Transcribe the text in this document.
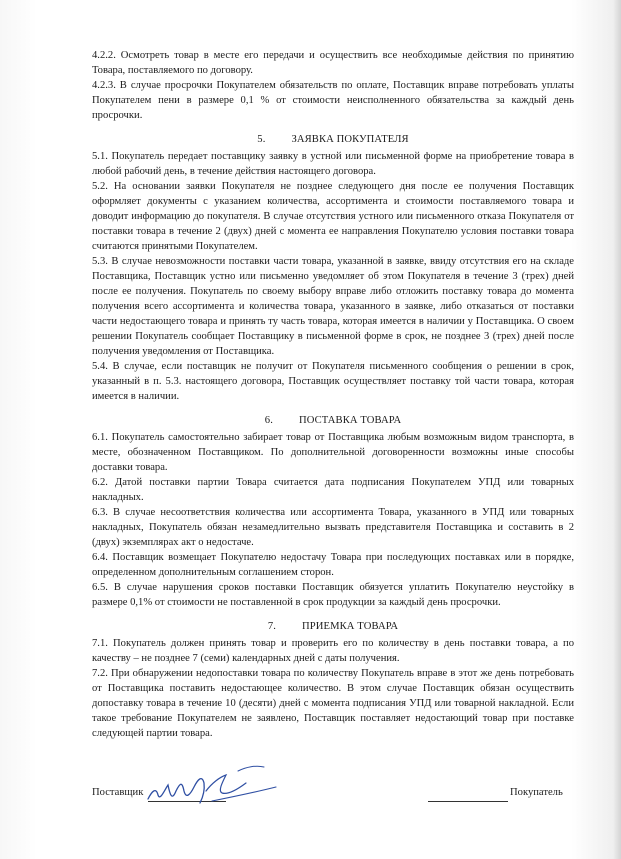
4.2.2. Осмотреть товар в месте его передачи и осуществить все необходимые действия по принятию Товара, поставляемого по договору.

4.2.3. В случае просрочки Покупателем обязательств по оплате, Поставщик вправе потребовать уплаты Покупателем пени в размере 0,1 % от стоимости неисполненного обязательства за каждый день просрочки.

5. ЗАЯВКА ПОКУПАТЕЛЯ

5.1. Покупатель передает поставщику заявку в устной или письменной форме на приобретение товара в любой рабочий день, в течение действия настоящего договора.

5.2. На основании заявки Покупателя не позднее следующего дня после ее получения Поставщик оформляет документы с указанием количества, ассортимента и стоимости поставляемого товара и доводит информацию до покупателя. В случае отсутствия устного или письменного отказа Покупателя от поставки товара в течение 2 (двух) дней с момента ее направления Покупателю условия поставки товара считаются принятыми Покупателем.

5.3. В случае невозможности поставки части товара, указанной в заявке, ввиду отсутствия его на складе Поставщика, Поставщик устно или письменно уведомляет об этом Покупателя в течение 3 (трех) дней после ее получения. Покупатель по своему выбору вправе либо отложить поставку товара до момента получения всего ассортимента и количества товара, указанного в заявке, либо отказаться от поставки части недостающего товара и принять ту часть товара, которая имеется в наличии у Поставщика. О своем решении Покупатель сообщает Поставщику в письменной форме в срок, не позднее 3 (трех) дней после получения уведомления от Поставщика.

5.4. В случае, если поставщик не получит от Покупателя письменного сообщения о решении в срок, указанный в п. 5.3. настоящего договора, Поставщик осуществляет поставку той части товара, которая имеется в наличии.

6. ПОСТАВКА ТОВАРА

6.1. Покупатель самостоятельно забирает товар от Поставщика любым возможным видом транспорта, в месте, обозначенном Поставщиком. По дополнительной договоренности возможны иные способы доставки товара.

6.2. Датой поставки партии Товара считается дата подписания Покупателем УПД или товарных накладных.

6.3. В случае несоответствия количества или ассортимента Товара, указанного в УПД или товарных накладных, Покупатель обязан незамедлительно вызвать представителя Поставщика и составить в 2 (двух) экземплярах акт о недостаче.

6.4. Поставщик возмещает Покупателю недостачу Товара при последующих поставках или в порядке, определенном дополнительным соглашением сторон.

6.5. В случае нарушения сроков поставки Поставщик обязуется уплатить Покупателю неустойку в размере 0,1% от стоимости не поставленной в срок продукции за каждый день просрочки.

7. ПРИЕМКА ТОВАРА

7.1. Покупатель должен принять товар и проверить его по количеству в день поставки товара, а по качеству – не позднее 7 (семи) календарных дней с даты получения.

7.2. При обнаружении недопоставки товара по количеству Покупатель вправе в этот же день потребовать от Поставщика поставить недостающее количество. В этом случае Поставщик обязан осуществить допоставку товара в течение 10 (десяти) дней с момента подписания УПД или товарной накладной. Если такое требование Покупателем не заявлено, Поставщик поставляет недостающий товар при поставке следующей партии товара.

Поставщик	Покупатель
